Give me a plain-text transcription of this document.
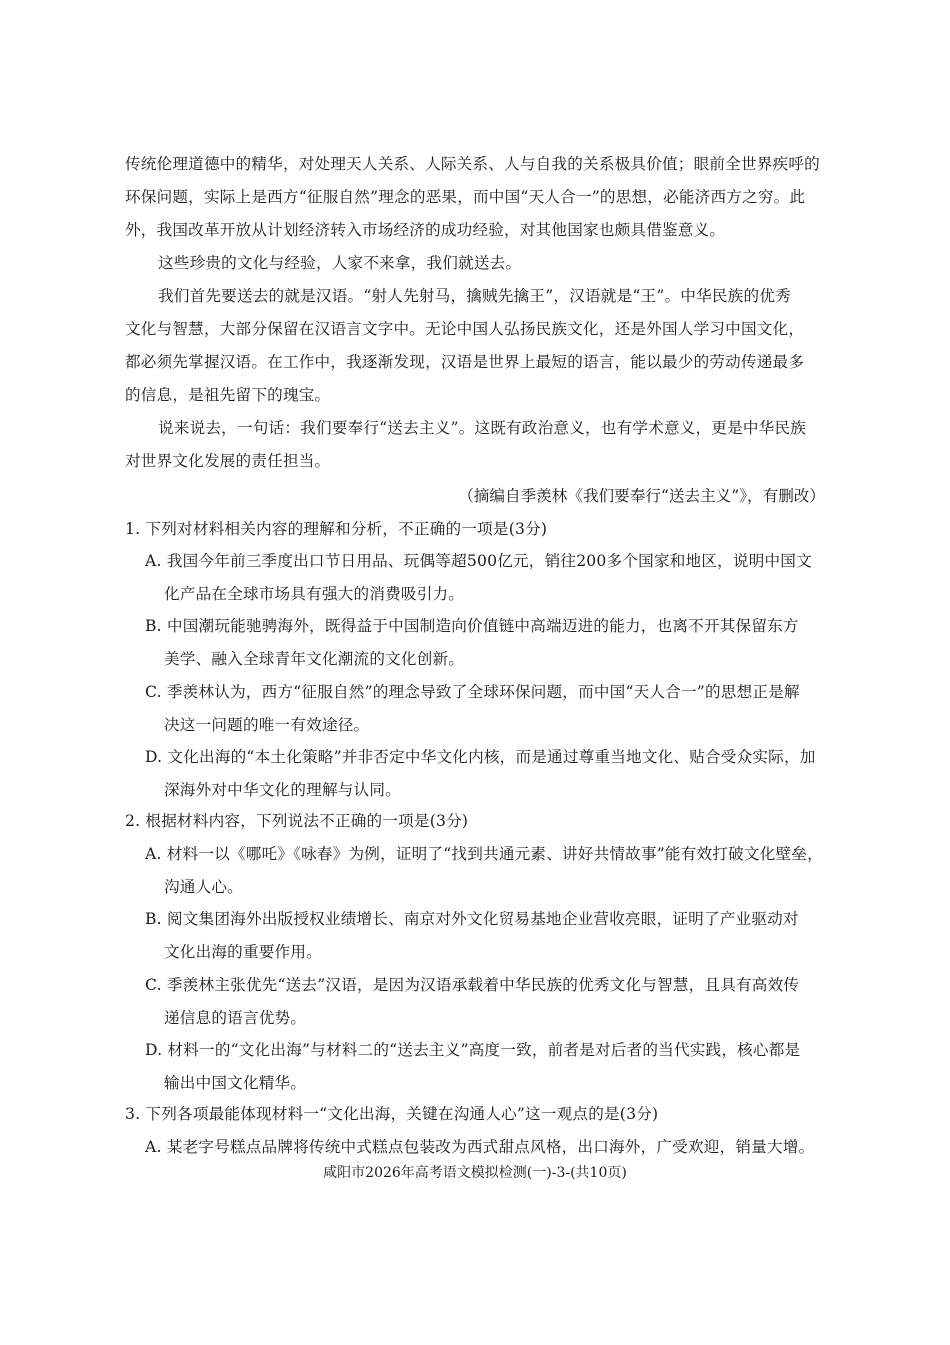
传统伦理道德中的精华，对处理天人关系、人际关系、人与自我的关系极具价值；眼前全世界疾呼的
环保问题，实际上是西方“征服自然”理念的恶果，而中国“天人合一”的思想，必能济西方之穷。此
外，我国改革开放从计划经济转入市场经济的成功经验，对其他国家也颇具借鉴意义。
这些珍贵的文化与经验，人家不来拿，我们就送去。
我们首先要送去的就是汉语。“射人先射马，擒贼先擒王”，汉语就是“王”。中华民族的优秀
文化与智慧，大部分保留在汉语言文字中。无论中国人弘扬民族文化，还是外国人学习中国文化，
都必须先掌握汉语。在工作中，我逐渐发现，汉语是世界上最短的语言，能以最少的劳动传递最多
的信息，是祖先留下的瑰宝。
说来说去，一句话：我们要奉行“送去主义”。这既有政治意义，也有学术意义，更是中华民族
对世界文化发展的责任担当。
（摘编自季羡林《我们要奉行“送去主义”》，有删改）
1. 下列对材料相关内容的理解和分析，不正确的一项是(3分)
A. 我国今年前三季度出口节日用品、玩偶等超500亿元，销往200多个国家和地区，说明中国文
化产品在全球市场具有强大的消费吸引力。
B. 中国潮玩能驰骋海外，既得益于中国制造向价值链中高端迈进的能力，也离不开其保留东方
美学、融入全球青年文化潮流的文化创新。
C. 季羡林认为，西方“征服自然”的理念导致了全球环保问题，而中国“天人合一”的思想正是解
决这一问题的唯一有效途径。
D. 文化出海的“本土化策略”并非否定中华文化内核，而是通过尊重当地文化、贴合受众实际，加
深海外对中华文化的理解与认同。
2. 根据材料内容，下列说法不正确的一项是(3分)
A. 材料一以《哪吒》《咏春》为例，证明了“找到共通元素、讲好共情故事”能有效打破文化壁垒，
沟通人心。
B. 阅文集团海外出版授权业绩增长、南京对外文化贸易基地企业营收亮眼，证明了产业驱动对
文化出海的重要作用。
C. 季羡林主张优先“送去”汉语，是因为汉语承载着中华民族的优秀文化与智慧，且具有高效传
递信息的语言优势。
D. 材料一的“文化出海”与材料二的“送去主义”高度一致，前者是对后者的当代实践，核心都是
输出中国文化精华。
3. 下列各项最能体现材料一“文化出海，关键在沟通人心”这一观点的是(3分)
A. 某老字号糕点品牌将传统中式糕点包装改为西式甜点风格，出口海外，广受欢迎，销量大增。
咸阳市2026年高考语文模拟检测(一)-3-(共10页)
